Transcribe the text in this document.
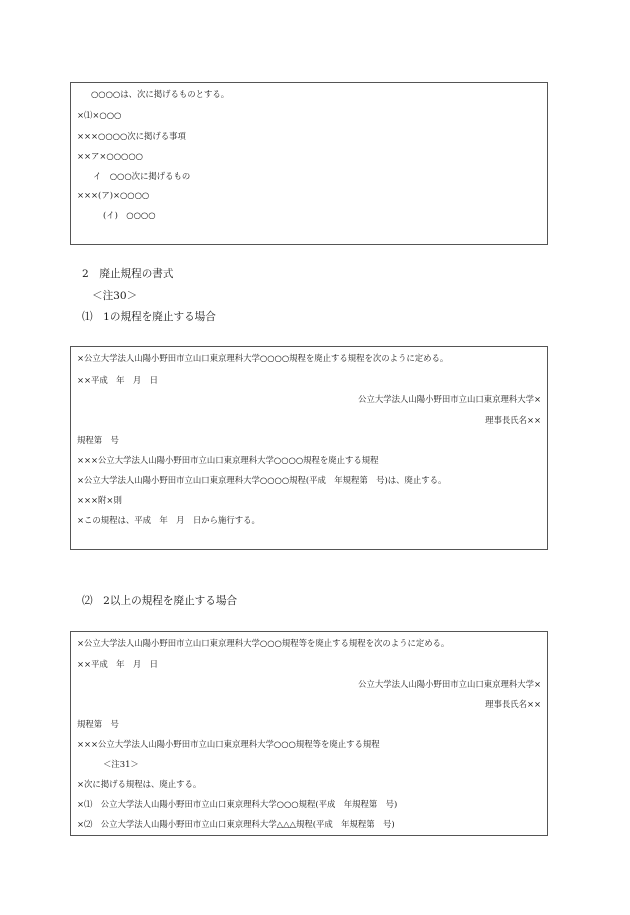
○○○○は、次に掲げるものとする。
×⑴×○○○
×××○○○○次に掲げる事項
××ア×○○○○○
イ　○○○次に掲げるもの
×××(ア)×○○○○
(イ)　○○○○
2　廃止規程の書式
＜注30＞
⑴　1の規程を廃止する場合
×公立大学法人山陽小野田市立山口東京理科大学○○○○規程を廃止する規程を次のように定める。
××平成　年　月　日
公立大学法人山陽小野田市立山口東京理科大学×
理事長氏名××
規程第　号
×××公立大学法人山陽小野田市立山口東京理科大学○○○○規程を廃止する規程
×公立大学法人山陽小野田市立山口東京理科大学○○○○規程(平成　年規程第　号)は、廃止する。
×××附×則
×この規程は、平成　年　月　日から施行する。
⑵　2以上の規程を廃止する場合
×公立大学法人山陽小野田市立山口東京理科大学○○○規程等を廃止する規程を次のように定める。
××平成　年　月　日
公立大学法人山陽小野田市立山口東京理科大学×
理事長氏名××
規程第　号
×××公立大学法人山陽小野田市立山口東京理科大学○○○規程等を廃止する規程
＜注31＞
×次に掲げる規程は、廃止する。
×⑴　公立大学法人山陽小野田市立山口東京理科大学○○○規程(平成　年規程第　号)
×⑵　公立大学法人山陽小野田市立山口東京理科大学△△△規程(平成　年規程第　号)
